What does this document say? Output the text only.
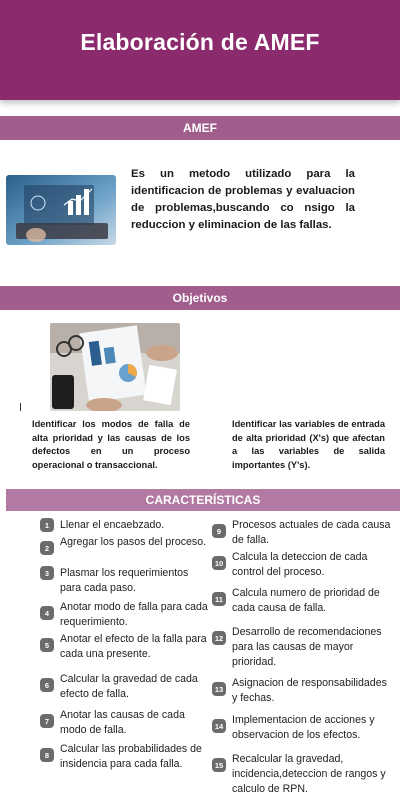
Elaboración de AMEF
AMEF
Es un metodo utilizado para la identificacion de problemas y evaluacion de problemas,buscando co nsigo la reduccion y eliminacion de las fallas.
Objetivos
Identificar los modos de falla de alta prioridad y las causas de los defectos en un proceso operacional o transaccional.
Identificar las variables de entrada de alta prioridad (X's) que afectan a las variables de salida importantes (Y's).
CARACTERÍSTICAS
1	Llenar el encaebzado.
2	Agregar los pasos del proceso.
3	Plasmar los requerimientos para cada paso.
4	Anotar modo de falla para cada requerimiento.
5	Anotar el efecto de la falla para cada una presente.
6	Calcular la gravedad de cada efecto de falla.
7	Anotar las causas de cada modo de falla.
8	Calcular las probabilidades de insidencia para cada falla.
9	Procesos actuales de cada causa de falla.
10 Calcula la deteccion de cada control del proceso.
11 Calcula numero de prioridad de cada causa de falla.
12 Desarrollo de recomendaciones para las causas de mayor prioridad.
13 Asignacion de responsabilidades y fechas.
14 Implementacion de acciones y observacion de los efectos.
15 Recalcular la gravedad, incidencia,deteccion de rangos y calculo de RPN.
